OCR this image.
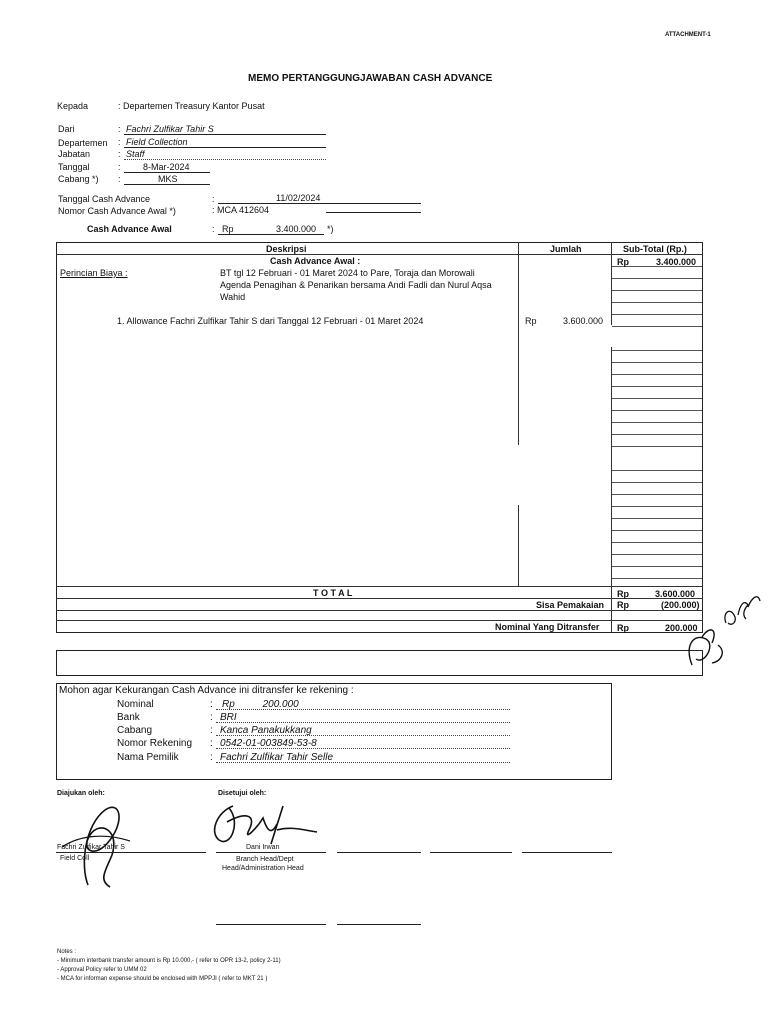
ATTACHMENT-1
MEMO PERTANGGUNGJAWABAN CASH ADVANCE
Kepada	: Departemen Treasury Kantor Pusat
Dari	: Fachri Zulfikar Tahir S
Departemen : Field Collection
Jabatan	: Staff
Tanggal	: 8-Mar-2024
Cabang *) :	MKS
Tanggal Cash Advance	:	11/02/2024
Nomor Cash Advance Awal *)	: MCA 412604
Cash Advance Awal	: Rp	3.400.000 *)
Deskripsi	Jumlah	Sub-Total (Rp.)
Cash Advance Awal :	Rp	3.400.000
Perincian Biaya :	BT tgl 12 Februari - 01 Maret 2024 to Pare, Toraja dan Morowali
Agenda Penagihan & Penarikan bersama Andi Fadli dan Nurul Aqsa
Wahid
1. Allowance Fachri Zulfikar Tahir S dari Tanggal 12 Februari - 01 Maret 2024	Rp	3.600.000
T O T A L	Rp	3.600.000
Sisa Pemakaian Rp	(200.000)
Nominal Yang Ditransfer Rp	200.000
Mohon agar Kekurangan Cash Advance ini ditransfer ke rekening :
Nominal	: Rp          200.000
Bank	: BRI
Cabang	: Kanca Panakukkang
Nomor Rekening : 0542-01-003849-53-8
Nama Pemilik	: Fachri Zulfikar Tahir Selle
Diajukan oleh:	Disetujui oleh:
Fachri Zulfikar Tahir S
Field Coll
Dani Irwan
Branch Head/Dept
Head/Administration Head
Notes :
- Minimum interbank transfer amount is Rp 10.000,- ( refer to OPR 13-2, policy 2-11)
- Approval Policy refer to UMM 02
- MCA for informan expense should be enclosed with MPPJI ( refer to MKT 21 )
